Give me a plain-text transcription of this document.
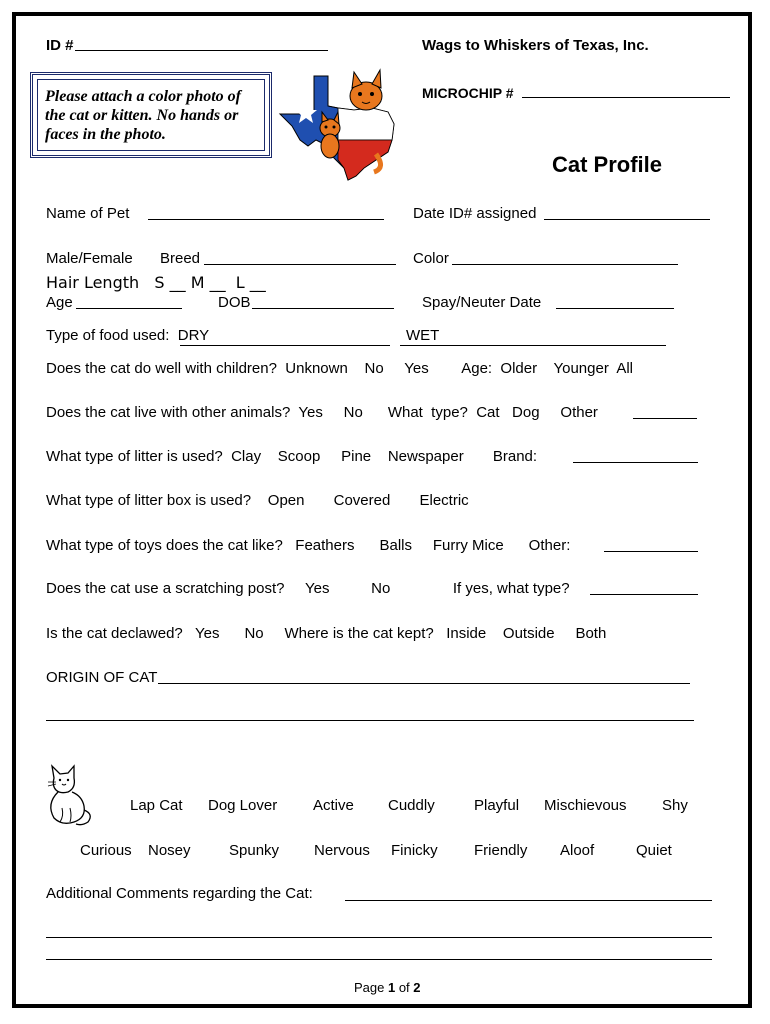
ID #	Wags to Whiskers of Texas, Inc.
Please attach a color photo of the cat or kitten. No hands or faces in the photo.
MICROCHIP #
Cat Profile
Name of Pet	Date ID# assigned
Male/Female Breed	Color
Hair Length   S __ M __  L __
Age	DOB	Spay/Neuter Date
Type of food used:  DRY	WET
Does the cat do well with children?  Unknown    No     Yes        Age:  Older    Younger  All
Does the cat live with other animals?  Yes     No      What  type?  Cat   Dog     Other
What type of litter is used?  Clay    Scoop     Pine    Newspaper       Brand:
What type of litter box is used?    Open       Covered       Electric
What type of toys does the cat like?   Feathers      Balls     Furry Mice      Other:
Does the cat use a scratching post?     Yes          No               If yes, what type?
Is the cat declawed?   Yes      No     Where is the cat kept?   Inside    Outside     Both
ORIGIN OF CAT
Lap Cat Dog Lover Active Cuddly	Playful Mischievous Shy
Curious Nosey	Spunky Nervous Finicky Friendly Aloof	Quiet
Additional Comments regarding the Cat:
Page 1 of 2
